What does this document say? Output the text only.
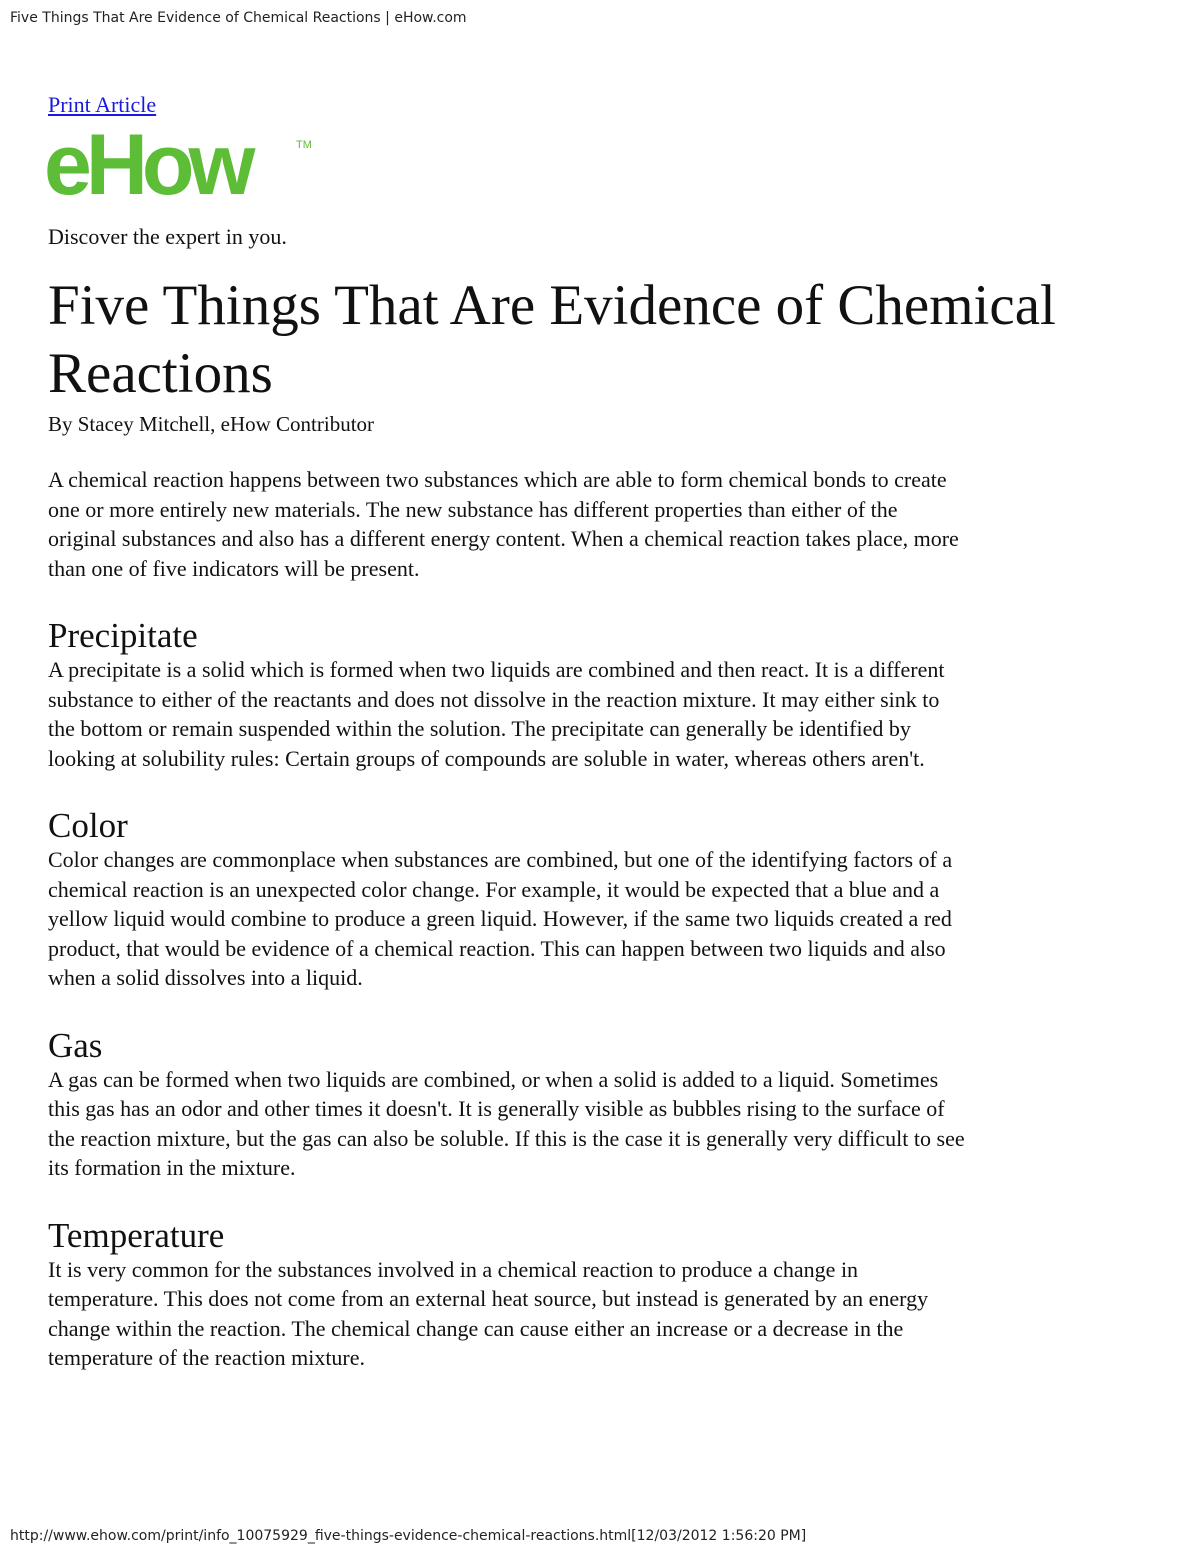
Five Things That Are Evidence of Chemical Reactions | eHow.com
Print Article
eHow	TM

Discover the expert in you.

Five Things That Are Evidence of Chemical Reactions

By Stacey Mitchell, eHow Contributor

A chemical reaction happens between two substances which are able to form chemical bonds to create one or more entirely new materials. The new substance has different properties than either of the original substances and also has a different energy content. When a chemical reaction takes place, more than one of five indicators will be present.

Precipitate

A precipitate is a solid which is formed when two liquids are combined and then react. It is a different substance to either of the reactants and does not dissolve in the reaction mixture. It may either sink to the bottom or remain suspended within the solution. The precipitate can generally be identified by looking at solubility rules: Certain groups of compounds are soluble in water, whereas others aren't.

Color

Color changes are commonplace when substances are combined, but one of the identifying factors of a chemical reaction is an unexpected color change. For example, it would be expected that a blue and a yellow liquid would combine to produce a green liquid. However, if the same two liquids created a red product, that would be evidence of a chemical reaction. This can happen between two liquids and also when a solid dissolves into a liquid.

Gas

A gas can be formed when two liquids are combined, or when a solid is added to a liquid. Sometimes this gas has an odor and other times it doesn't. It is generally visible as bubbles rising to the surface of the reaction mixture, but the gas can also be soluble. If this is the case it is generally very difficult to see its formation in the mixture.

Temperature

It is very common for the substances involved in a chemical reaction to produce a change in temperature. This does not come from an external heat source, but instead is generated by an energy change within the reaction. The chemical change can cause either an increase or a decrease in the temperature of the reaction mixture.

http://www.ehow.com/print/info_10075929_five-things-evidence-chemical-reactions.html[12/03/2012 1:56:20 PM]
